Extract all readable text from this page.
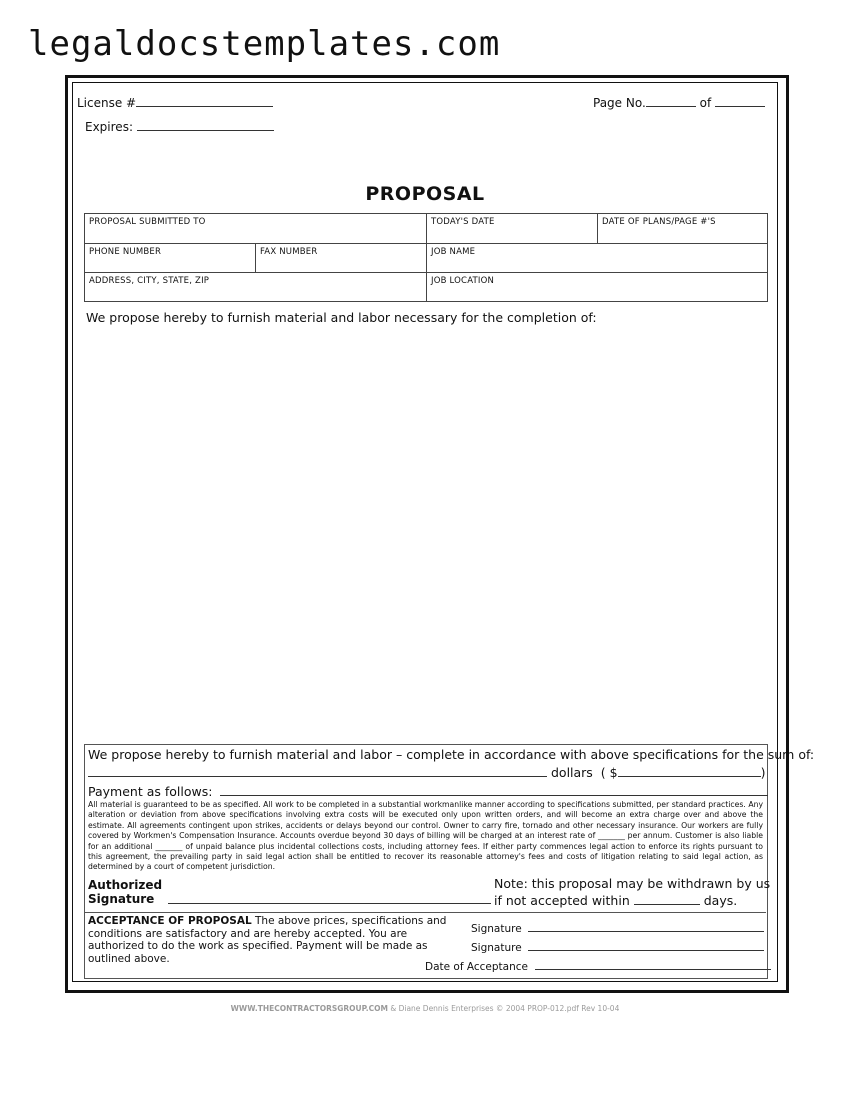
legaldocstemplates.com
License #
Expires:
Page No.	of
PROPOSAL
PROPOSAL SUBMITTED TO	TODAY'S DATE	DATE OF PLANS/PAGE #'S
PHONE NUMBER	FAX NUMBER	JOB NAME
ADDRESS, CITY, STATE, ZIP	JOB LOCATION
We propose hereby to furnish material and labor necessary for the completion of:
We propose hereby to furnish material and labor – complete in accordance with above specifications for the sum of:
dollars ( $	)
Payment as follows:
All material is guaranteed to be as specified. All work to be completed in a substantial workmanlike manner according to specifications submitted, per standard practices. Any alteration or deviation from above specifications involving extra costs will be executed only upon written orders, and will become an extra charge over and above the estimate. All agreements contingent upon strikes, accidents or delays beyond our control. Owner to carry fire, tornado and other necessary insurance. Our workers are fully covered by Workmen's Compensation Insurance. Accounts overdue beyond 30 days of billing will be charged at an interest rate of _______ per annum. Customer is also liable for an additional _______ of unpaid balance plus incidental collections costs, including attorney fees. If either party commences legal action to enforce its rights pursuant to this agreement, the prevailing party in said legal action shall be entitled to recover its reasonable attorney's fees and costs of litigation relating to said legal action, as determined by a court of competent jurisdiction.
Authorized
Signature
Note: this proposal may be withdrawn by us
if not accepted within	days.
ACCEPTANCE OF PROPOSAL The above prices, specifications and conditions are satisfactory and are hereby accepted. You are authorized to do the work as specified. Payment will be made as outlined above.
Signature
Signature
Date of Acceptance
WWW.THECONTRACTORSGROUP.COM & Diane Dennis Enterprises © 2004 PROP-012.pdf Rev 10-04
